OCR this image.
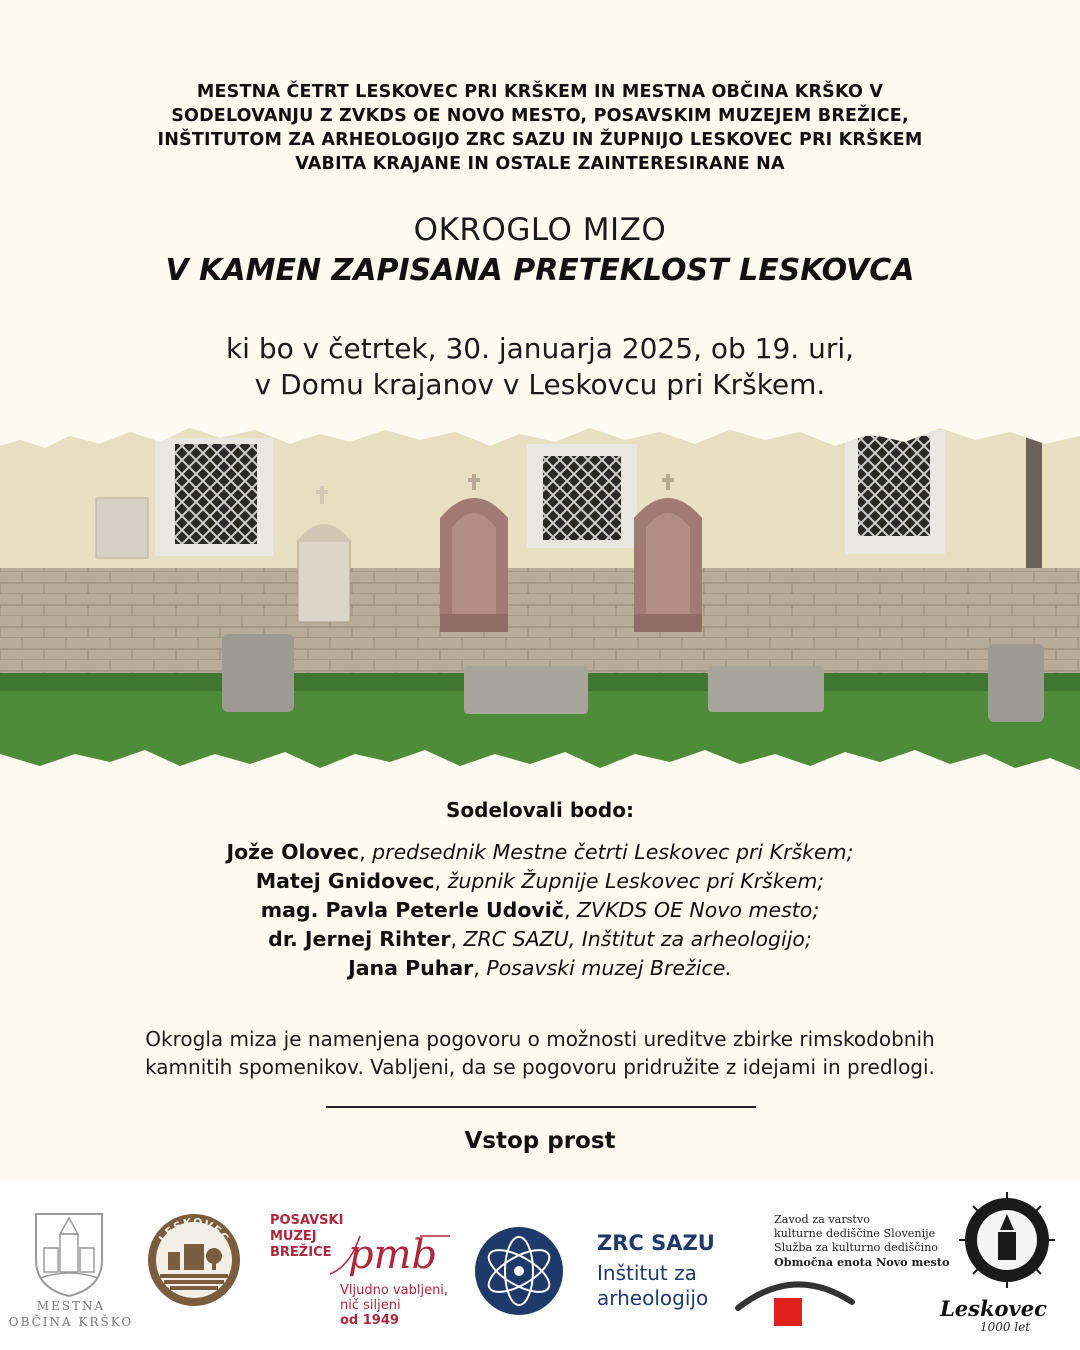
MESTNA ČETRT LESKOVEC PRI KRŠKEM IN MESTNA OBČINA KRŠKO V
SODELOVANJU Z ZVKDS OE NOVO MESTO, POSAVSKIM MUZEJEM BREŽICE,
INŠTITUTOM ZA ARHEOLOGIJO ZRC SAZU IN ŽUPNIJO LESKOVEC PRI KRŠKEM
VABITA KRAJANE IN OSTALE ZAINTERESIRANE NA
OKROGLO MIZO
V KAMEN ZAPISANA PRETEKLOST LESKOVCA
ki bo v četrtek, 30. januarja 2025, ob 19. uri,
v Domu krajanov v Leskovcu pri Krškem.
Sodelovali bodo:
Jože Olovec, predsednik Mestne četrti Leskovec pri Krškem;
Matej Gnidovec, župnik Župnije Leskovec pri Krškem;
mag. Pavla Peterle Udovič, ZVKDS OE Novo mesto;
dr. Jernej Rihter, ZRC SAZU, Inštitut za arheologijo;
Jana Puhar, Posavski muzej Brežice.
Okrogla miza je namenjena pogovoru o možnosti ureditve zbirke rimskodobnih
kamnitih spomenikov. Vabljeni, da se pogovoru pridružite z idejami in predlogi.
Vstop prost
MESTNA
OBČINA KRŠKO
LESKOVEC
POSAVSKI
MUZEJ
BREŽICE pmb
Vljudno vabljeni,
nič siljeni
od 1949
ZRC SAZU
Inštitut za
arheologijo
Zavod za varstvo
kulturne dediščine Slovenije
Služba za kulturno dediščino
Območna enota Novo mesto
Leskovec
1000 let
